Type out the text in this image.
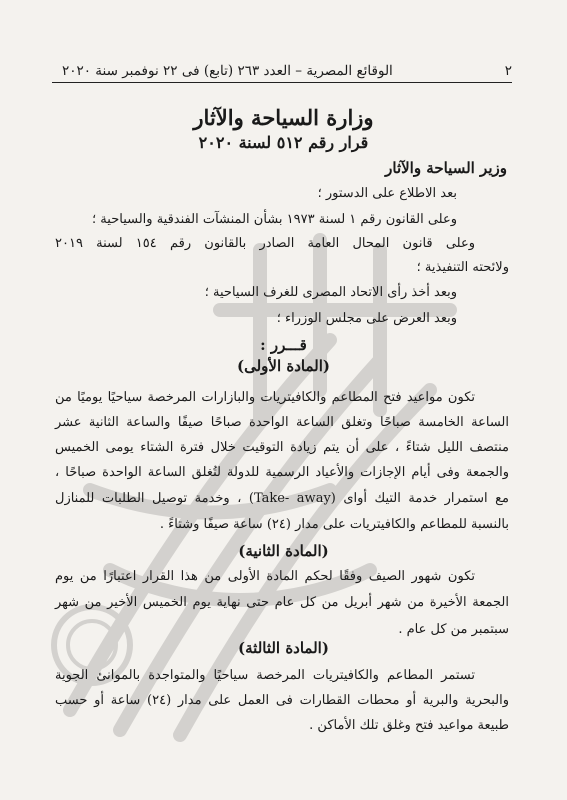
٢
الوقائع المصرية – العدد ٢٦٣ (تابع) فى ٢٢ نوفمبر سنة ٢٠٢٠
وزارة السياحة والآثار
قرار رقم ٥١٢ لسنة ٢٠٢٠
وزير السياحة والآثار
بعد الاطلاع على الدستور ؛
وعلى القانون رقم ١ لسنة ١٩٧٣ بشأن المنشآت الفندقية والسياحية ؛
وعلى قانون المحال العامة الصادر بالقانون رقم ١٥٤ لسنة ٢٠١٩
ولائحته التنفيذية ؛
وبعد أخذ رأى الاتحاد المصرى للغرف السياحية ؛
وبعد العرض على مجلس الوزراء ؛
قـــرر :
(المادة الأولى)
تكون مواعيد فتح المطاعم والكافيتريات والبازارات المرخصة سياحيًا يوميًا من
الساعة الخامسة صباحًا وتغلق الساعة الواحدة صباحًا صيفًا والساعة الثانية عشر
منتصف الليل شتاءً ، على أن يتم زيادة التوقيت خلال فترة الشتاء يومى الخميس
والجمعة وفى أيام الإجازات والأعياد الرسمية للدولة لتُغلق الساعة الواحدة صباحًا ،
مع استمرار خدمة التيك أواى (Take- away) ، وخدمة توصيل الطلبات للمنازل
بالنسبة للمطاعم والكافيتريات على مدار (٢٤) ساعة صيفًا وشتاءً .
(المادة الثانية)
تكون شهور الصيف وفقًا لحكم المادة الأولى من هذا القرار اعتبارًا من يوم
الجمعة الأخيرة من شهر أبريل من كل عام حتى نهاية يوم الخميس الأخير من شهر
سبتمبر من كل عام .
(المادة الثالثة)
تستمر المطاعم والكافيتريات المرخصة سياحيًا والمتواجدة بالموانئ الجوية
والبحرية والبرية أو محطات القطارات فى العمل على مدار (٢٤) ساعة أو حسب
طبيعة مواعيد فتح وغلق تلك الأماكن .
